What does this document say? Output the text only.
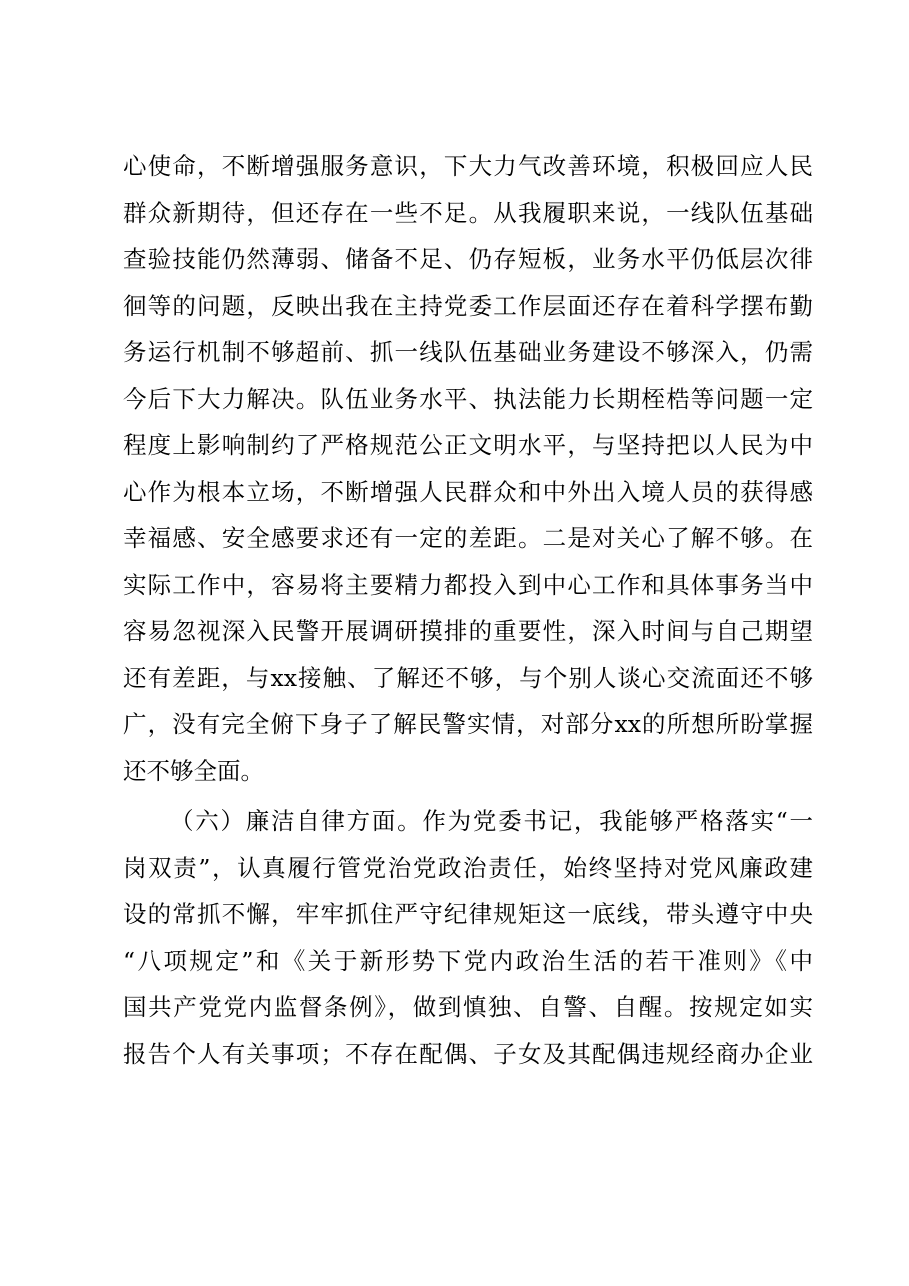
心使命，不断增强服务意识，下大力气改善环境，积极回应人民
群众新期待，但还存在一些不足。从我履职来说，一线队伍基础
查验技能仍然薄弱、储备不足、仍存短板，业务水平仍低层次徘
徊等的问题，反映出我在主持党委工作层面还存在着科学摆布勤
务运行机制不够超前、抓一线队伍基础业务建设不够深入，仍需
今后下大力解决。队伍业务水平、执法能力长期桎梏等问题一定
程度上影响制约了严格规范公正文明水平，与坚持把以人民为中
心作为根本立场，不断增强人民群众和中外出入境人员的获得感
幸福感、安全感要求还有一定的差距。二是对关心了解不够。在
实际工作中，容易将主要精力都投入到中心工作和具体事务当中
容易忽视深入民警开展调研摸排的重要性，深入时间与自己期望
还有差距，与xx接触、了解还不够，与个别人谈心交流面还不够
广，没有完全俯下身子了解民警实情，对部分xx的所想所盼掌握
还不够全面。
（六）廉洁自律方面。作为党委书记，我能够严格落实“一
岗双责”，认真履行管党治党政治责任，始终坚持对党风廉政建
设的常抓不懈，牢牢抓住严守纪律规矩这一底线，带头遵守中央
“八项规定”和《关于新形势下党内政治生活的若干准则》《中
国共产党党内监督条例》，做到慎独、自警、自醒。按规定如实
报告个人有关事项；不存在配偶、子女及其配偶违规经商办企业
